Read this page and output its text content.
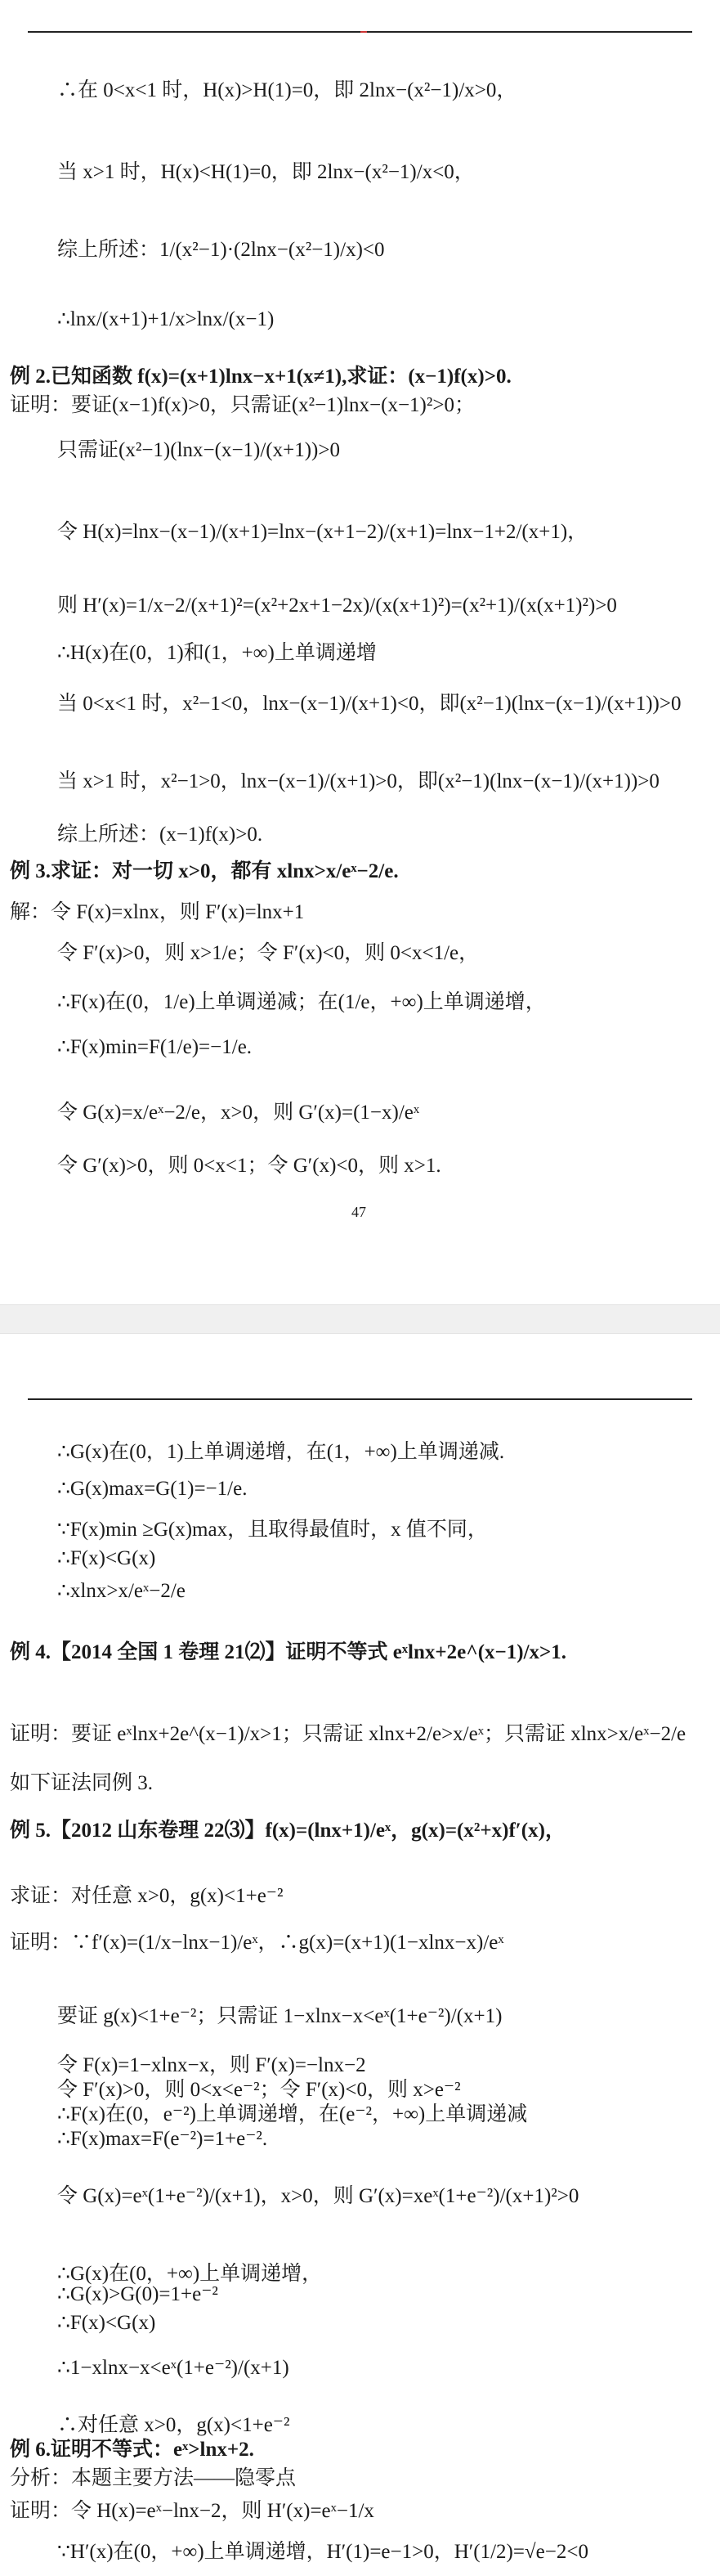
47
∴在 0<x<1 时，H(x)>H(1)=0，即 2lnx−(x²−1)/x>0，
当 x>1 时，H(x)<H(1)=0，即 2lnx−(x²−1)/x<0，
综上所述：1/(x²−1)·(2lnx−(x²−1)/x)<0
∴lnx/(x+1)+1/x>lnx/(x−1)
例 2.已知函数 f(x)=(x+1)lnx−x+1(x≠1),求证：(x−1)f(x)>0.
证明：要证(x−1)f(x)>0，只需证(x²−1)lnx−(x−1)²>0；
只需证(x²−1)(lnx−(x−1)/(x+1))>0
令 H(x)=lnx−(x−1)/(x+1)=lnx−(x+1−2)/(x+1)=lnx−1+2/(x+1)，
则 H′(x)=1/x−2/(x+1)²=(x²+2x+1−2x)/(x(x+1)²)=(x²+1)/(x(x+1)²)>0
∴H(x)在(0，1)和(1，+∞)上单调递增
当 0<x<1 时，x²−1<0，lnx−(x−1)/(x+1)<0，即(x²−1)(lnx−(x−1)/(x+1))>0
当 x>1 时，x²−1>0，lnx−(x−1)/(x+1)>0，即(x²−1)(lnx−(x−1)/(x+1))>0
综上所述：(x−1)f(x)>0.
例 3.求证：对一切 x>0，都有 xlnx>x/eˣ−2/e.
解：令 F(x)=xlnx，则 F′(x)=lnx+1
令 F′(x)>0，则 x>1/e；令 F′(x)<0，则 0<x<1/e，
∴F(x)在(0，1/e)上单调递减；在(1/e，+∞)上单调递增，
∴F(x)min=F(1/e)=−1/e.
令 G(x)=x/eˣ−2/e，x>0，则 G′(x)=(1−x)/eˣ
令 G′(x)>0，则 0<x<1；令 G′(x)<0，则 x>1.
∴G(x)在(0，1)上单调递增，在(1，+∞)上单调递减.
∴G(x)max=G(1)=−1/e.
∵F(x)min ≥G(x)max，且取得最值时，x 值不同，
∴F(x)<G(x)
∴xlnx>x/eˣ−2/e
例 4.【2014 全国 1 卷理 21⑵】证明不等式 eˣlnx+2e^(x−1)/x>1.
证明：要证 eˣlnx+2e^(x−1)/x>1；只需证 xlnx+2/e>x/eˣ；只需证 xlnx>x/eˣ−2/e
如下证法同例 3.
例 5.【2012 山东卷理 22⑶】f(x)=(lnx+1)/eˣ，g(x)=(x²+x)f′(x)，
求证：对任意 x>0，g(x)<1+e⁻²
证明：∵f′(x)=(1/x−lnx−1)/eˣ，∴g(x)=(x+1)(1−xlnx−x)/eˣ
要证 g(x)<1+e⁻²；只需证 1−xlnx−x<eˣ(1+e⁻²)/(x+1)
令 F(x)=1−xlnx−x，则 F′(x)=−lnx−2
令 F′(x)>0，则 0<x<e⁻²；令 F′(x)<0，则 x>e⁻²
∴F(x)在(0，e⁻²)上单调递增，在(e⁻²，+∞)上单调递减
∴F(x)max=F(e⁻²)=1+e⁻².
令 G(x)=eˣ(1+e⁻²)/(x+1)，x>0，则 G′(x)=xeˣ(1+e⁻²)/(x+1)²>0
∴G(x)在(0，+∞)上单调递增，
∴G(x)>G(0)=1+e⁻²
∴F(x)<G(x)
∴1−xlnx−x<eˣ(1+e⁻²)/(x+1)
∴对任意 x>0，g(x)<1+e⁻²
例 6.证明不等式：eˣ>lnx+2.
分析：本题主要方法——隐零点
证明：令 H(x)=eˣ−lnx−2，则 H′(x)=eˣ−1/x
∵H′(x)在(0，+∞)上单调递增，H′(1)=e−1>0，H′(1/2)=√e−2<0
